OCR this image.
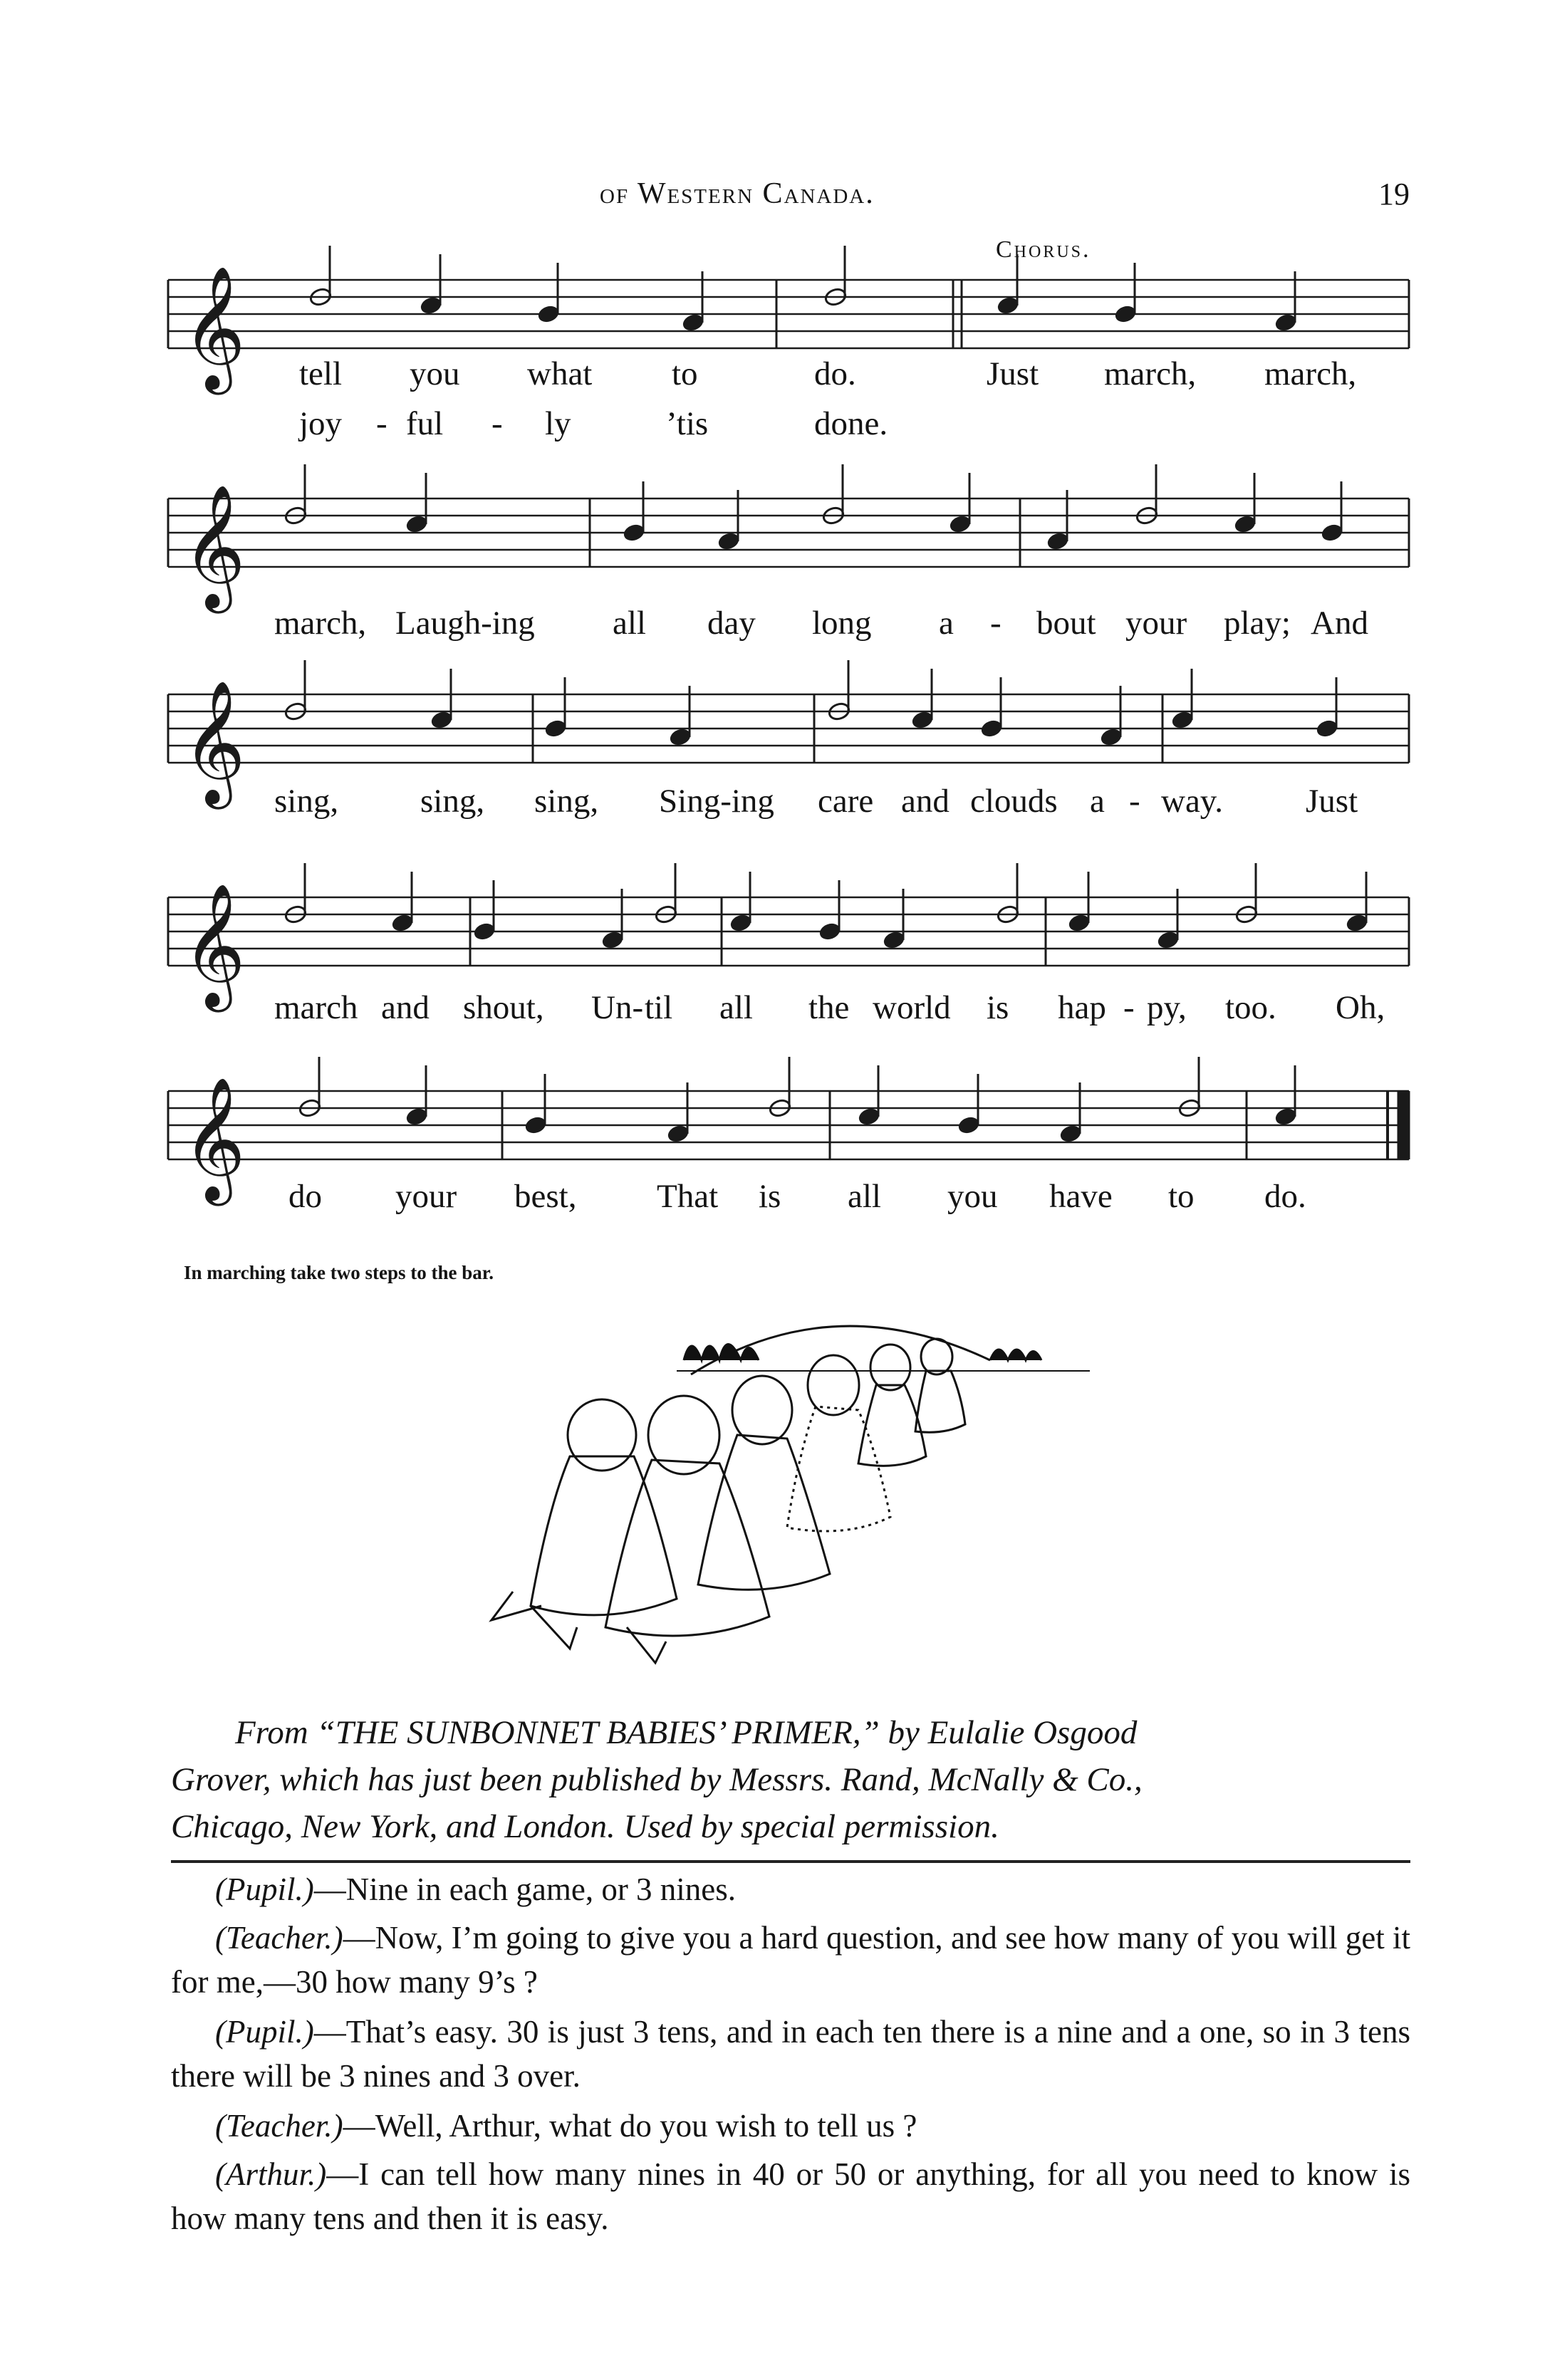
of Western Canada.	19
Chorus.
𝄞
𝄞
𝄞
𝄞
𝄞
tell you what to	do.	Just march, march,
joy - ful - ly	’tis	done.
march, Laugh-ing all day long a - bout your play; And
sing, sing, sing, Sing-ing care and clouds a - way. Just
march and shout, Un- til all the world is hap - py, too. Oh,
do your best, That is all you have to do.
In marching take two steps to the bar.
From “THE SUNBONNET BABIES’ PRIMER,” by Eulalie Osgood
Grover, which has just been published by Messrs. Rand, McNally & Co.,
Chicago, New York, and London. Used by special permission.
(Pupil.)—Nine in each game, or 3 nines.
(Teacher.)—Now, I’m going to give you a hard question, and see how many of you will get it for me,—30 how many 9’s ?
(Pupil.)—That’s easy. 30 is just 3 tens, and in each ten there is a nine and a one, so in 3 tens there will be 3 nines and 3 over.
(Teacher.)—Well, Arthur, what do you wish to tell us ?
(Arthur.)—I can tell how many nines in 40 or 50 or anything, for all you need to know is how many tens and then it is easy.
